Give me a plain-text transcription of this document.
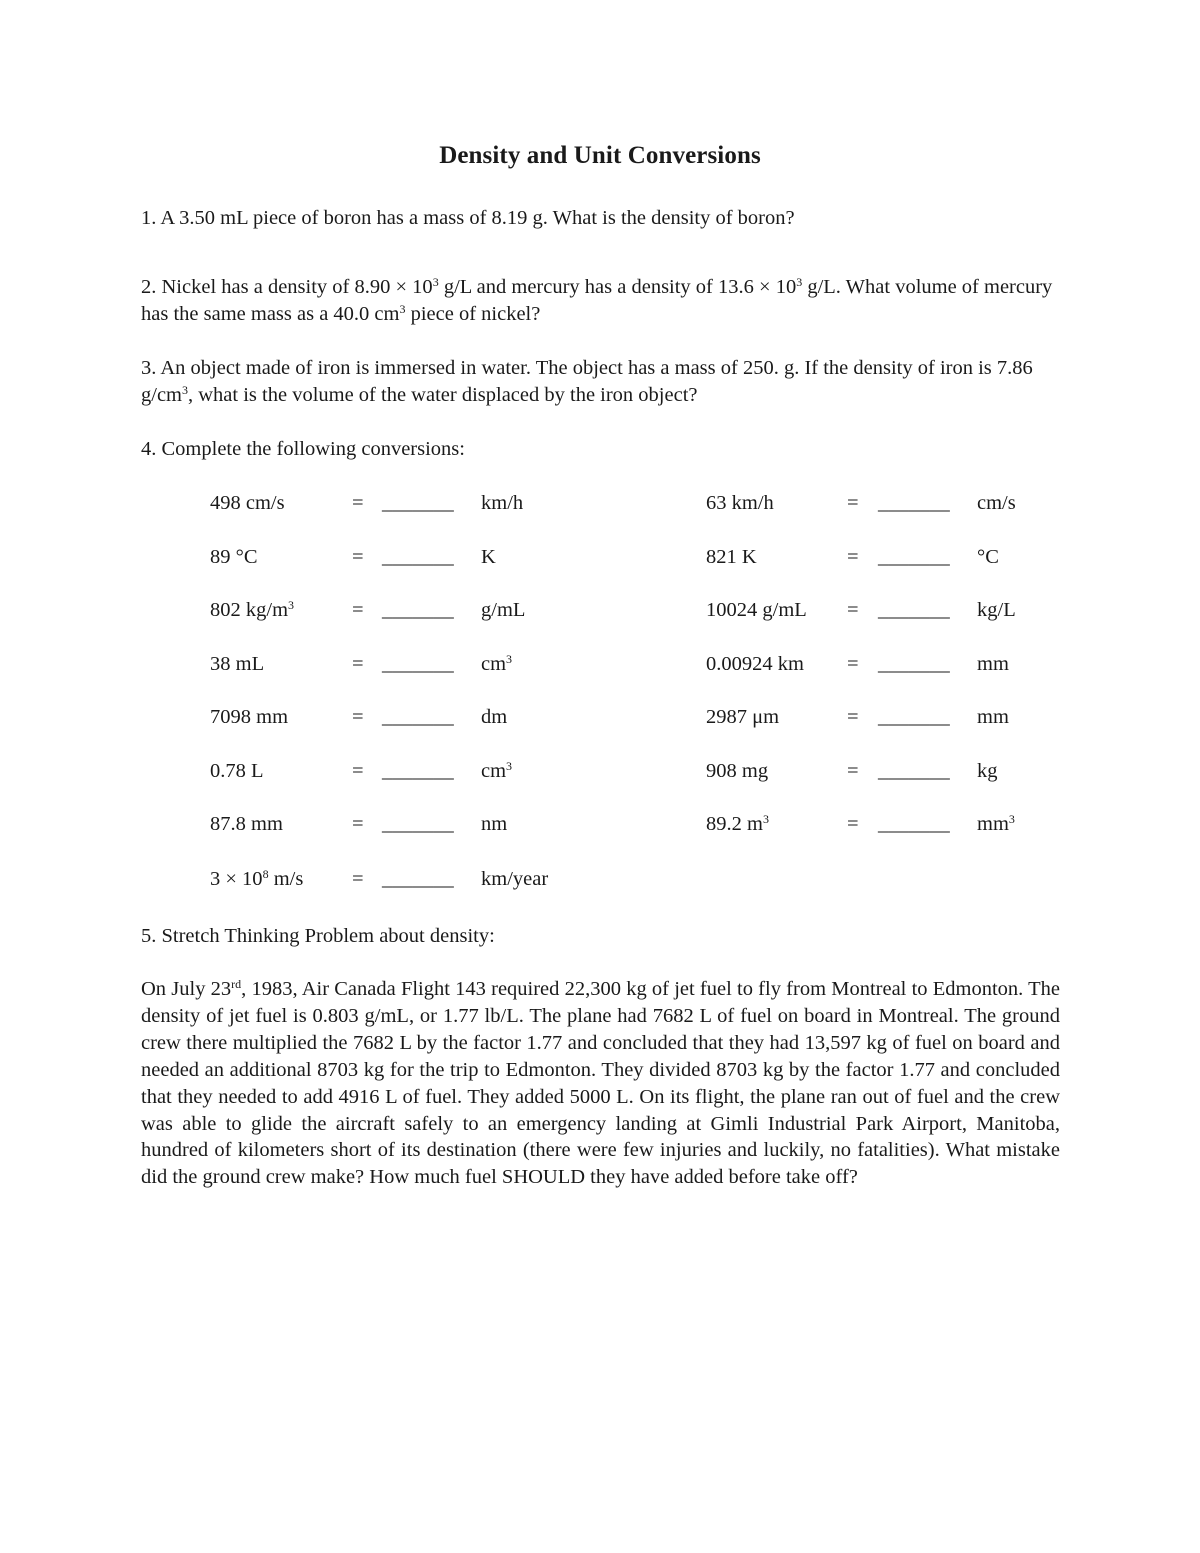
Density and Unit Conversions
1. A 3.50 mL piece of boron has a mass of 8.19 g. What is the density of boron?
2. Nickel has a density of $8.90 \times 10^3$ g/L and mercury has a density of $13.6 \times 10^3$ g/L. What volume of mercury has the same mass as a 40.0 $cm^3$ piece of nickel?
3. An object made of iron is immersed in water. The object has a mass of 250. g. If the density of iron is 7.86 $g/cm^3$, what is the volume of the water displaced by the iron object?
4. Complete the following conversions:
498 cm/s	= _______ km/h
89 °C	= _______ K
802 $kg/m^3$	= _______ g/mL
38 mL	= _______ $cm^3$
7098 mm	= _______ dm
0.78 L	= _______ $cm^3$
87.8 mm	= _______ nm
$3 \times 10^8$ m/s = _______ km/year
63 km/h	= _______ cm/s
821 K	= _______ °C
10024 g/mL = _______ kg/L
0.00924 km = _______ mm
2987 μm	= _______ mm
908 mg	= _______ kg
89.2 $m^3$	= _______ $mm^3$
5. Stretch Thinking Problem about density:

On July 23rd, 1983, Air Canada Flight 143 required 22,300 kg of jet fuel to fly from Montreal to Edmonton. The density of jet fuel is 0.803 g/mL, or 1.77 lb/L. The plane had 7682 L of fuel on board in Montreal. The ground crew there multiplied the 7682 L by the factor 1.77 and concluded that they had 13,597 kg of fuel on board and needed an additional 8703 kg for the trip to Edmonton. They divided 8703 kg by the factor 1.77 and concluded that they needed to add 4916 L of fuel. They added 5000 L. On its flight, the plane ran out of fuel and the crew was able to glide the aircraft safely to an emergency landing at Gimli Industrial Park Airport, Manitoba, hundred of kilometers short of its destination (there were few injuries and luckily, no fatalities). What mistake did the ground crew make? How much fuel SHOULD they have added before take off?
